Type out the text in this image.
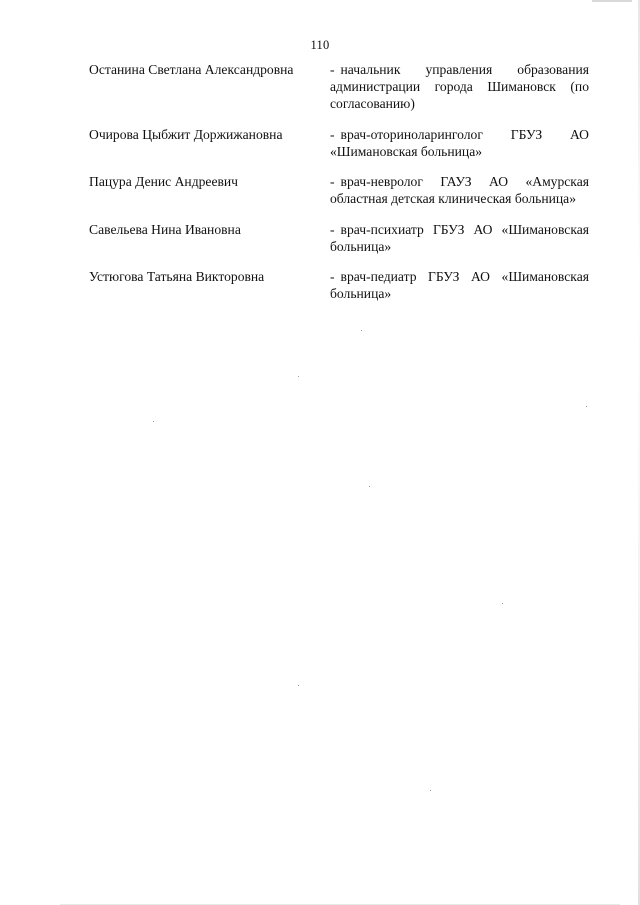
110
Останина Светлана Александровна	- начальник управления образования администрации города Шимановск (по согласованию)
Очирова Цыбжит Доржижановна	- врач-оториноларинголог ГБУЗ АО «Шимановская больница»
Пацура Денис Андреевич	- врач-невролог ГАУЗ АО «Амурская областная детская клиническая больница»
Савельева Нина Ивановна	- врач-психиатр ГБУЗ АО «Шимановская больница»
Устюгова Татьяна Викторовна	- врач-педиатр ГБУЗ АО «Шимановская больница»
